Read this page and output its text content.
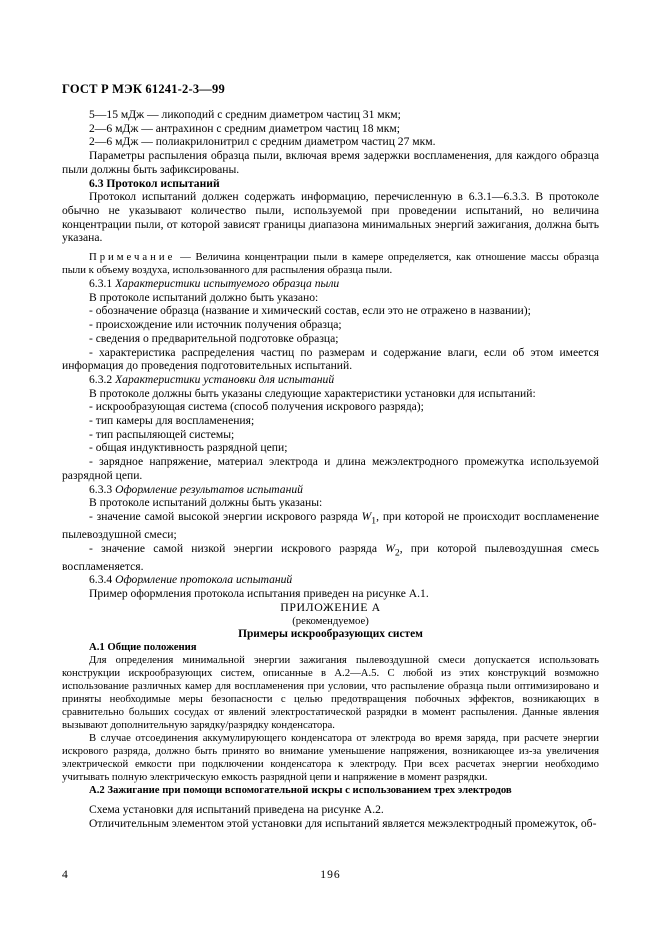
ГОСТ Р МЭК 61241-2-3—99

5—15 мДж — ликоподий с средним диаметром частиц 31 мкм;

2—6 мДж — антрахинон с средним диаметром частиц 18 мкм;

2—6 мДж — полиакрилонитрил с средним диаметром частиц 27 мкм.

Параметры распыления образца пыли, включая время задержки воспламенения, для каждого образца пыли должны быть зафиксированы.

6.3 Протокол испытаний

Протокол испытаний должен содержать информацию, перечисленную в 6.3.1—6.3.3. В протоколе обычно не указывают количество пыли, используемой при проведении испытаний, но величина концентрации пыли, от которой зависят границы диапазона минимальных энергий зажигания, должна быть указана.

Примечание — Величина концентрации пыли в камере определяется, как отношение массы образца пыли к объему воздуха, использованного для распыления образца пыли.

6.3.1 Характеристики испытуемого образца пыли

В протоколе испытаний должно быть указано:

- обозначение образца (название и химический состав, если это не отражено в названии);

- происхождение или источник получения образца;

- сведения о предварительной подготовке образца;

- характеристика распределения частиц по размерам и содержание влаги, если об этом имеется информация до проведения подготовительных испытаний.

6.3.2 Характеристики установки для испытаний

В протоколе должны быть указаны следующие характеристики установки для испытаний:

- искрообразующая система (способ получения искрового разряда);

- тип камеры для воспламенения;

- тип распыляющей системы;

- общая индуктивность разрядной цепи;

- зарядное напряжение, материал электрода и длина межэлектродного промежутка используемой разрядной цепи.

6.3.3 Оформление результатов испытаний

В протоколе испытаний должны быть указаны:

- значение самой высокой энергии искрового разряда $W_1$, при которой не происходит воспламенение пылевоздушной смеси;

- значение самой низкой энергии искрового разряда $W_2$, при которой пылевоздушная смесь воспламеняется.

6.3.4 Оформление протокола испытаний

Пример оформления протокола испытания приведен на рисунке А.1.

ПРИЛОЖЕНИЕ А

(рекомендуемое)

Примеры искрообразующих систем

А.1 Общие положения

Для определения минимальной энергии зажигания пылевоздушной смеси допускается использовать конструкции искрообразующих систем, описанные в А.2—А.5. С любой из этих конструкций возможно использование различных камер для воспламенения при условии, что распыление образца пыли оптимизировано и приняты необходимые меры безопасности с целью предотвращения побочных эффектов, возникающих в сравнительно больших сосудах от явлений электростатической разрядки в момент распыления. Данные явления вызывают дополнительную зарядку/разрядку конденсатора.

В случае отсоединения аккумулирующего конденсатора от электрода во время заряда, при расчете энергии искрового разряда, должно быть принято во внимание уменьшение напряжения, возникающее из-за увеличения электрической емкости при подключении конденсатора к электроду. При всех расчетах энергии необходимо учитывать полную электрическую емкость разрядной цепи и напряжение в момент разрядки.

А.2 Зажигание при помощи вспомогательной искры с использованием трех электродов

Схема установки для испытаний приведена на рисунке А.2.

Отличительным элементом этой установки для испытаний является межэлектродный промежуток, об-

4	196
